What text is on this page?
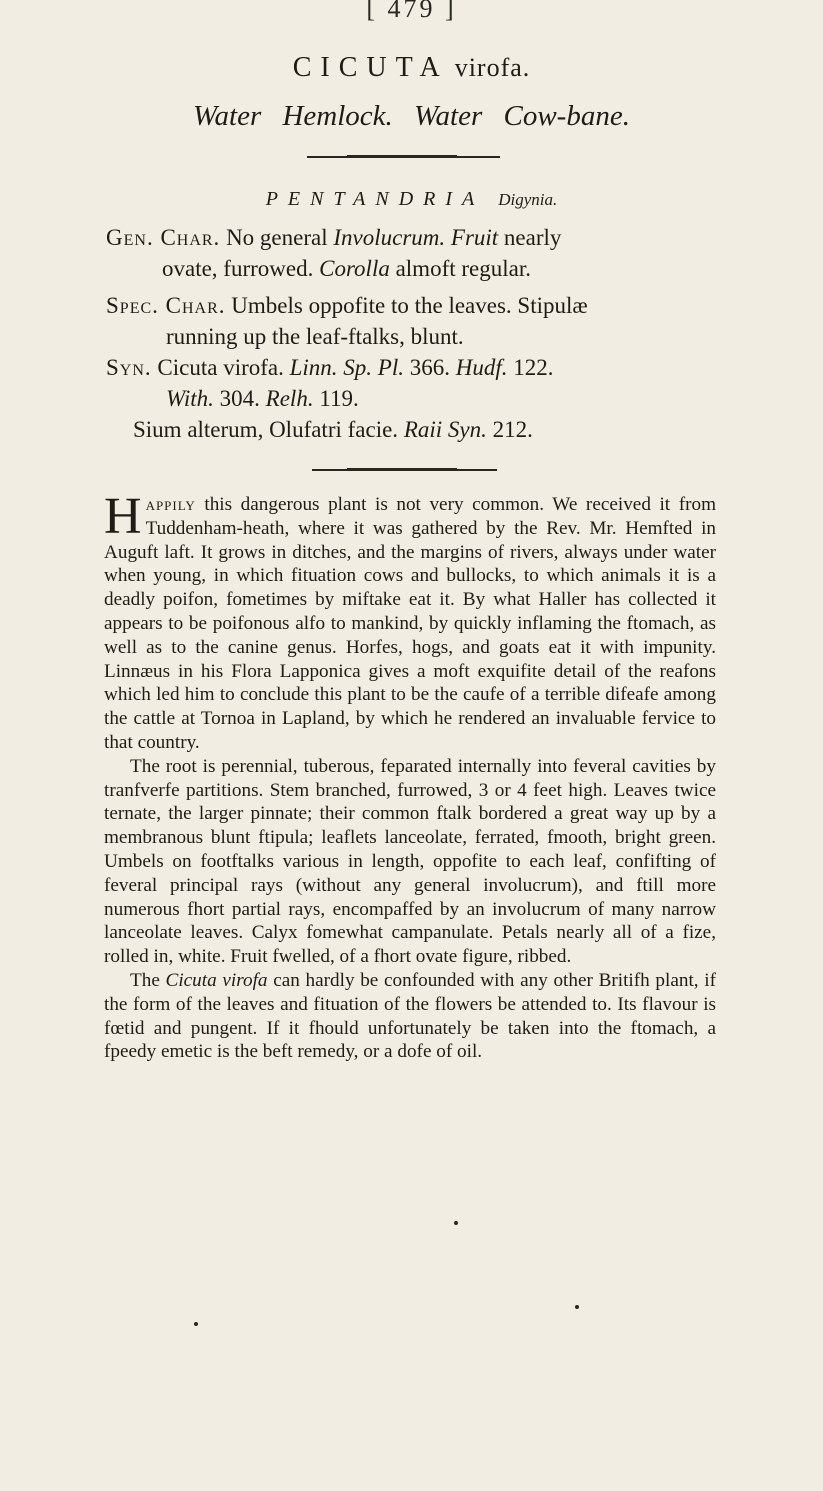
[ 479 ]
CICUTA virofa.
Water Hemlock. Water Cow-bane.
PENTANDRIA Digynia.
Gen. Char. No general Involucrum. Fruit nearly
ovate, furrowed. Corolla almoft regular.
Spec. Char. Umbels oppofite to the leaves. Stipulæ
running up the leaf-ftalks, blunt.
Syn. Cicuta virofa. Linn. Sp. Pl. 366. Hudf. 122.
With. 304. Relh. 119.
Sium alterum, Olufatri facie. Raii Syn. 212.

Happily this dangerous plant is not very common. We received it from Tuddenham-heath, where it was gathered by the Rev. Mr. Hemfted in Auguft laft. It grows in ditches, and the margins of rivers, always under water when young, in which fituation cows and bullocks, to which animals it is a deadly poifon, fometimes by miftake eat it. By what Haller has collected it appears to be poifonous alfo to mankind, by quickly inflaming the ftomach, as well as to the canine genus. Horfes, hogs, and goats eat it with impunity. Linnæus in his Flora Lapponica gives a moft exquifite detail of the reafons which led him to conclude this plant to be the caufe of a terrible difeafe among the cattle at Tornoa in Lapland, by which he rendered an invaluable fervice to that country.

The root is perennial, tuberous, feparated internally into feveral cavities by tranfverfe partitions. Stem branched, furrowed, 3 or 4 feet high. Leaves twice ternate, the larger pinnate; their common ftalk bordered a great way up by a membranous blunt ftipula; leaflets lanceolate, ferrated, fmooth, bright green. Umbels on footftalks various in length, oppofite to each leaf, confifting of feveral principal rays (without any general involucrum), and ftill more numerous fhort partial rays, encompaffed by an involucrum of many narrow lanceolate leaves. Calyx fomewhat campanulate. Petals nearly all of a fize, rolled in, white. Fruit fwelled, of a fhort ovate figure, ribbed.

The Cicuta virofa can hardly be confounded with any other Britifh plant, if the form of the leaves and fituation of the flowers be attended to. Its flavour is fœtid and pungent. If it fhould unfortunately be taken into the ftomach, a fpeedy emetic is the beft remedy, or a dofe of oil.
